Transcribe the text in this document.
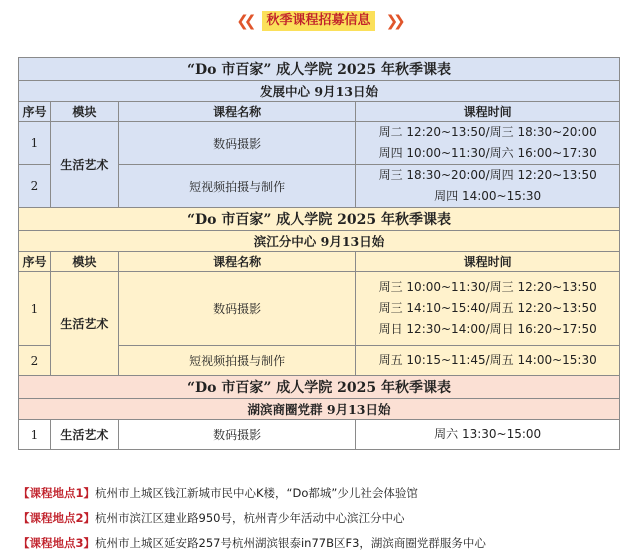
❮❮ 秋季课程招募信息 ❯❯
“Do 市百家” 成人学院 2025 年秋季课表			
发展中心 9月13日始			
序号	模块	课程名称	课程时间
1	生活艺术	数码摄影	周二 12:20~13:50/周三 18:30~20:00
周四 10:00~11:30/周六 16:00~17:30

2		短视频拍摄与制作	周三 18:30~20:00/周四 12:20~13:50
周四 14:00~15:30

“Do 市百家” 成人学院 2025 年秋季课表			
滨江分中心 9月13日始			
序号	模块	课程名称	课程时间
1	生活艺术	数码摄影	周三 10:00~11:30/周三 12:20~13:50
周三 14:10~15:40/周五 12:20~13:50
周日 12:30~14:00/周日 16:20~17:50

2		短视频拍摄与制作	周五 10:15~11:45/周五 14:00~15:30

“Do 市百家” 成人学院 2025 年秋季课表			
湖滨商圈党群 9月13日始			
1	生活艺术	数码摄影	周六 13:30~15:00
【课程地点1】杭州市上城区钱江新城市民中心K楼，“Do都城”少儿社会体验馆
【课程地点2】杭州市滨江区建业路950号，杭州青少年活动中心滨江分中心
【课程地点3】杭州市上城区延安路257号杭州湖滨银泰in77B区F3，湖滨商圈党群服务中心
